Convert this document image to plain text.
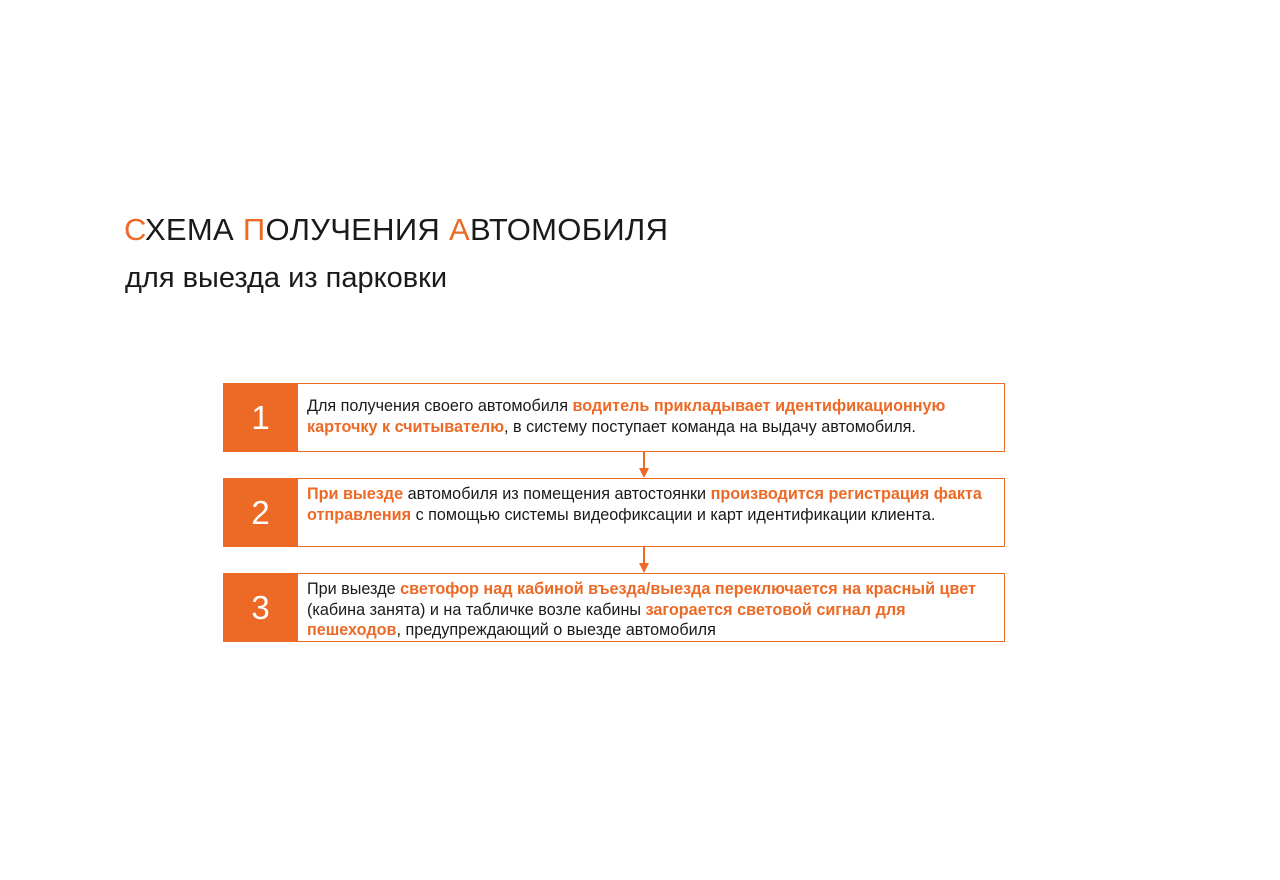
СХЕМА ПОЛУЧЕНИЯ АВТОМОБИЛЯ
для выезда из парковки
1	Для получения своего автомобиля водитель прикладывает идентификационную карточку к считывателю, в систему поступает команда на выдачу автомобиля.
2	При выезде автомобиля из помещения автостоянки производится регистрация факта отправления с помощью системы видеофиксации и карт идентификации клиента.
3	При выезде светофор над кабиной въезда/выезда переключается на красный цвет (кабина занята) и на табличке возле кабины загорается световой сигнал для пешеходов, предупреждающий о выезде автомобиля
